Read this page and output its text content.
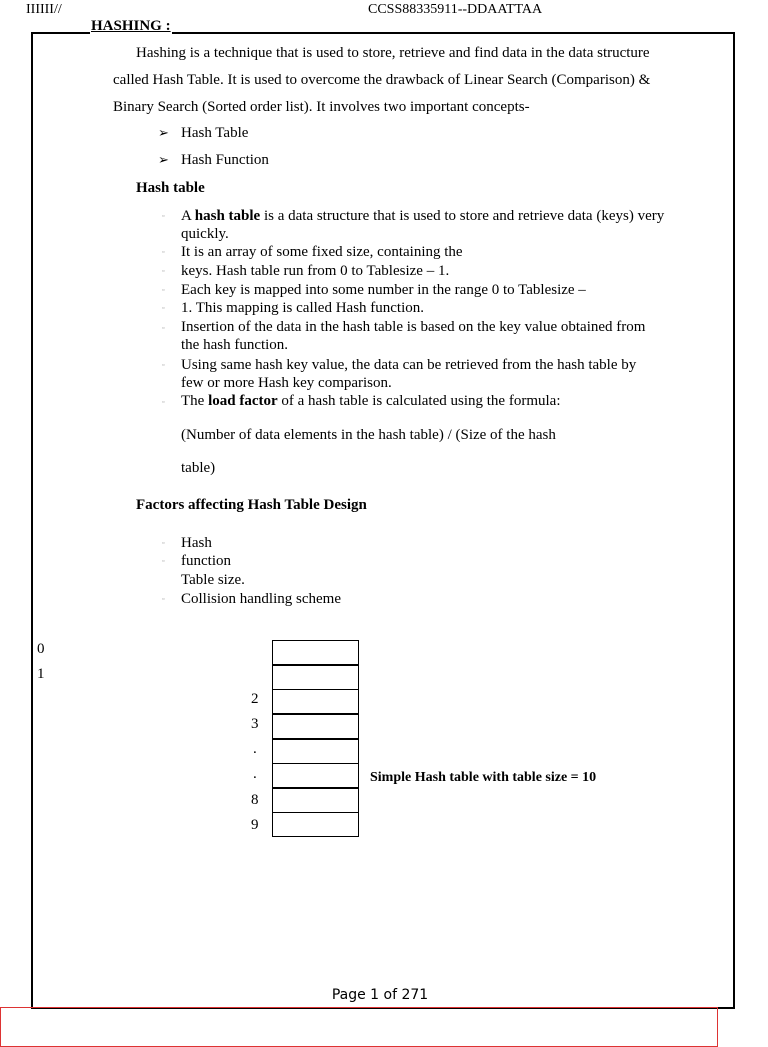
IIIIII//	CCSS88335911--DDAATTAA
HASHING :
Hashing is a technique that is used to store, retrieve and find data in the data structure
called Hash Table. It is used to overcome the drawback of Linear Search (Comparison) &
Binary Search (Sorted order list). It involves two important concepts-
➢ Hash Table
➢ Hash Function
Hash table
▫ A hash table is a data structure that is used to store and retrieve data (keys) very
quickly.
▫ It is an array of some fixed size, containing the
▫ keys. Hash table run from 0 to Tablesize – 1.
▫ Each key is mapped into some number in the range 0 to Tablesize –
▫ 1. This mapping is called Hash function.
▫ Insertion of the data in the hash table is based on the key value obtained from
the hash function.
▫ Using same hash key value, the data can be retrieved from the hash table by
few or more Hash key comparison.
▫ The load factor of a hash table is calculated using the formula:
(Number of data elements in the hash table) / (Size of the hash
table)
Factors affecting Hash Table Design
▫ Hash
▫ function
Table size.
▫ Collision handling scheme
0
1
2
3
.
.
8
9
Simple Hash table with table size = 10
Page 1 of 271
